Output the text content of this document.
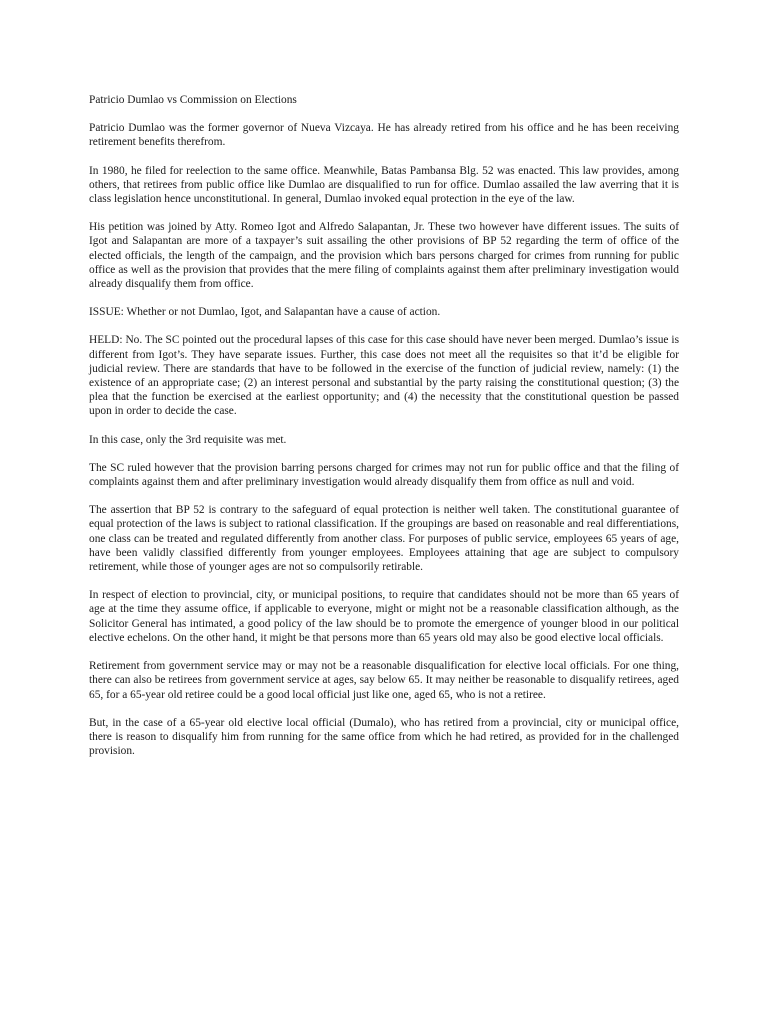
Patricio Dumlao vs Commission on Elections

Patricio Dumlao was the former governor of Nueva Vizcaya. He has already retired from his office and he has been receiving retirement benefits therefrom.

In 1980, he filed for reelection to the same office. Meanwhile, Batas Pambansa Blg. 52 was enacted. This law provides, among others, that retirees from public office like Dumlao are disqualified to run for office. Dumlao assailed the law averring that it is class legislation hence unconstitutional. In general, Dumlao invoked equal protection in the eye of the law.

His petition was joined by Atty. Romeo Igot and Alfredo Salapantan, Jr. These two however have different issues. The suits of Igot and Salapantan are more of a taxpayer’s suit assailing the other provisions of BP 52 regarding the term of office of the elected officials, the length of the campaign, and the provision which bars persons charged for crimes from running for public office as well as the provision that provides that the mere filing of complaints against them after preliminary investigation would already disqualify them from office.

ISSUE: Whether or not Dumlao, Igot, and Salapantan have a cause of action.

HELD: No. The SC pointed out the procedural lapses of this case for this case should have never been merged. Dumlao’s issue is different from Igot’s. They have separate issues. Further, this case does not meet all the requisites so that it’d be eligible for judicial review. There are standards that have to be followed in the exercise of the function of judicial review, namely: (1) the existence of an appropriate case; (2) an interest personal and substantial by the party raising the constitutional question; (3) the plea that the function be exercised at the earliest opportunity; and (4) the necessity that the constitutional question be passed upon in order to decide the case.

In this case, only the 3rd requisite was met.

The SC ruled however that the provision barring persons charged for crimes may not run for public office and that the filing of complaints against them and after preliminary investigation would already disqualify them from office as null and void.

The assertion that BP 52 is contrary to the safeguard of equal protection is neither well taken. The constitutional guarantee of equal protection of the laws is subject to rational classification. If the groupings are based on reasonable and real differentiations, one class can be treated and regulated differently from another class. For purposes of public service, employees 65 years of age, have been validly classified differently from younger employees. Employees attaining that age are subject to compulsory retirement, while those of younger ages are not so compulsorily retirable.

In respect of election to provincial, city, or municipal positions, to require that candidates should not be more than 65 years of age at the time they assume office, if applicable to everyone, might or might not be a reasonable classification although, as the Solicitor General has intimated, a good policy of the law should be to promote the emergence of younger blood in our political elective echelons. On the other hand, it might be that persons more than 65 years old may also be good elective local officials.

Retirement from government service may or may not be a reasonable disqualification for elective local officials. For one thing, there can also be retirees from government service at ages, say below 65. It may neither be reasonable to disqualify retirees, aged 65, for a 65-year old retiree could be a good local official just like one, aged 65, who is not a retiree.

But, in the case of a 65-year old elective local official (Dumalo), who has retired from a provincial, city or municipal office, there is reason to disqualify him from running for the same office from which he had retired, as provided for in the challenged provision.
